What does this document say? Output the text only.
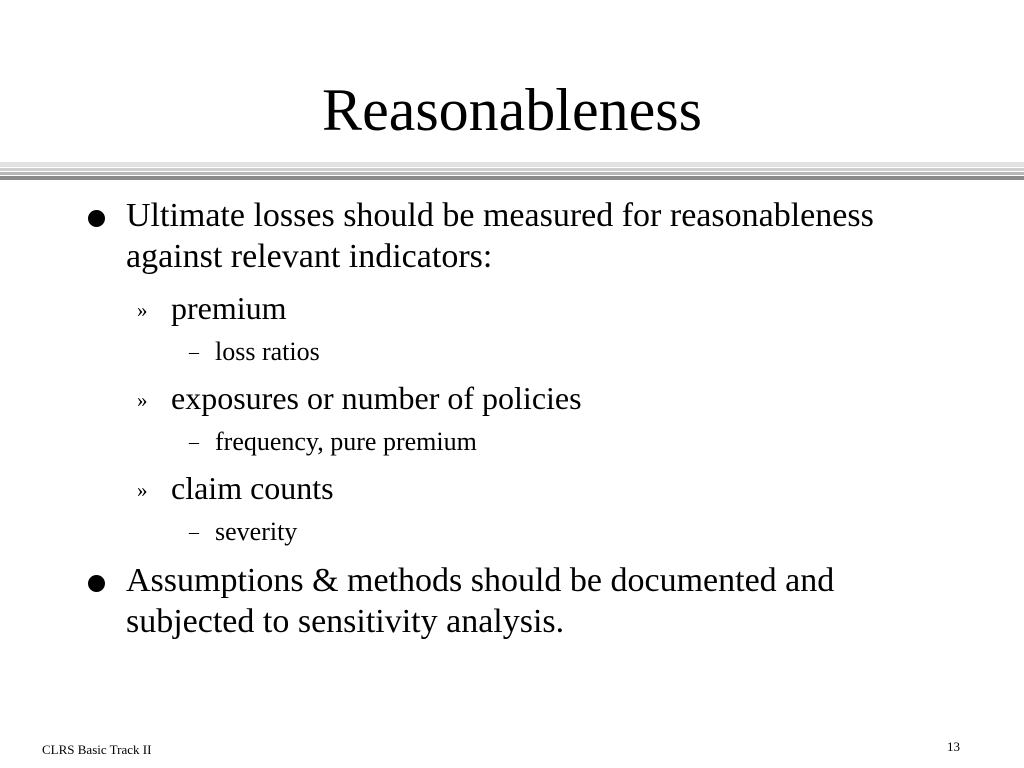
Reasonableness
Ultimate losses should be measured for reasonableness against relevant indicators:
» premium
– loss ratios
» exposures or number of policies
– frequency, pure premium
» claim counts
– severity
Assumptions & methods should be documented and subjected to sensitivity analysis.
CLRS Basic Track II	13
